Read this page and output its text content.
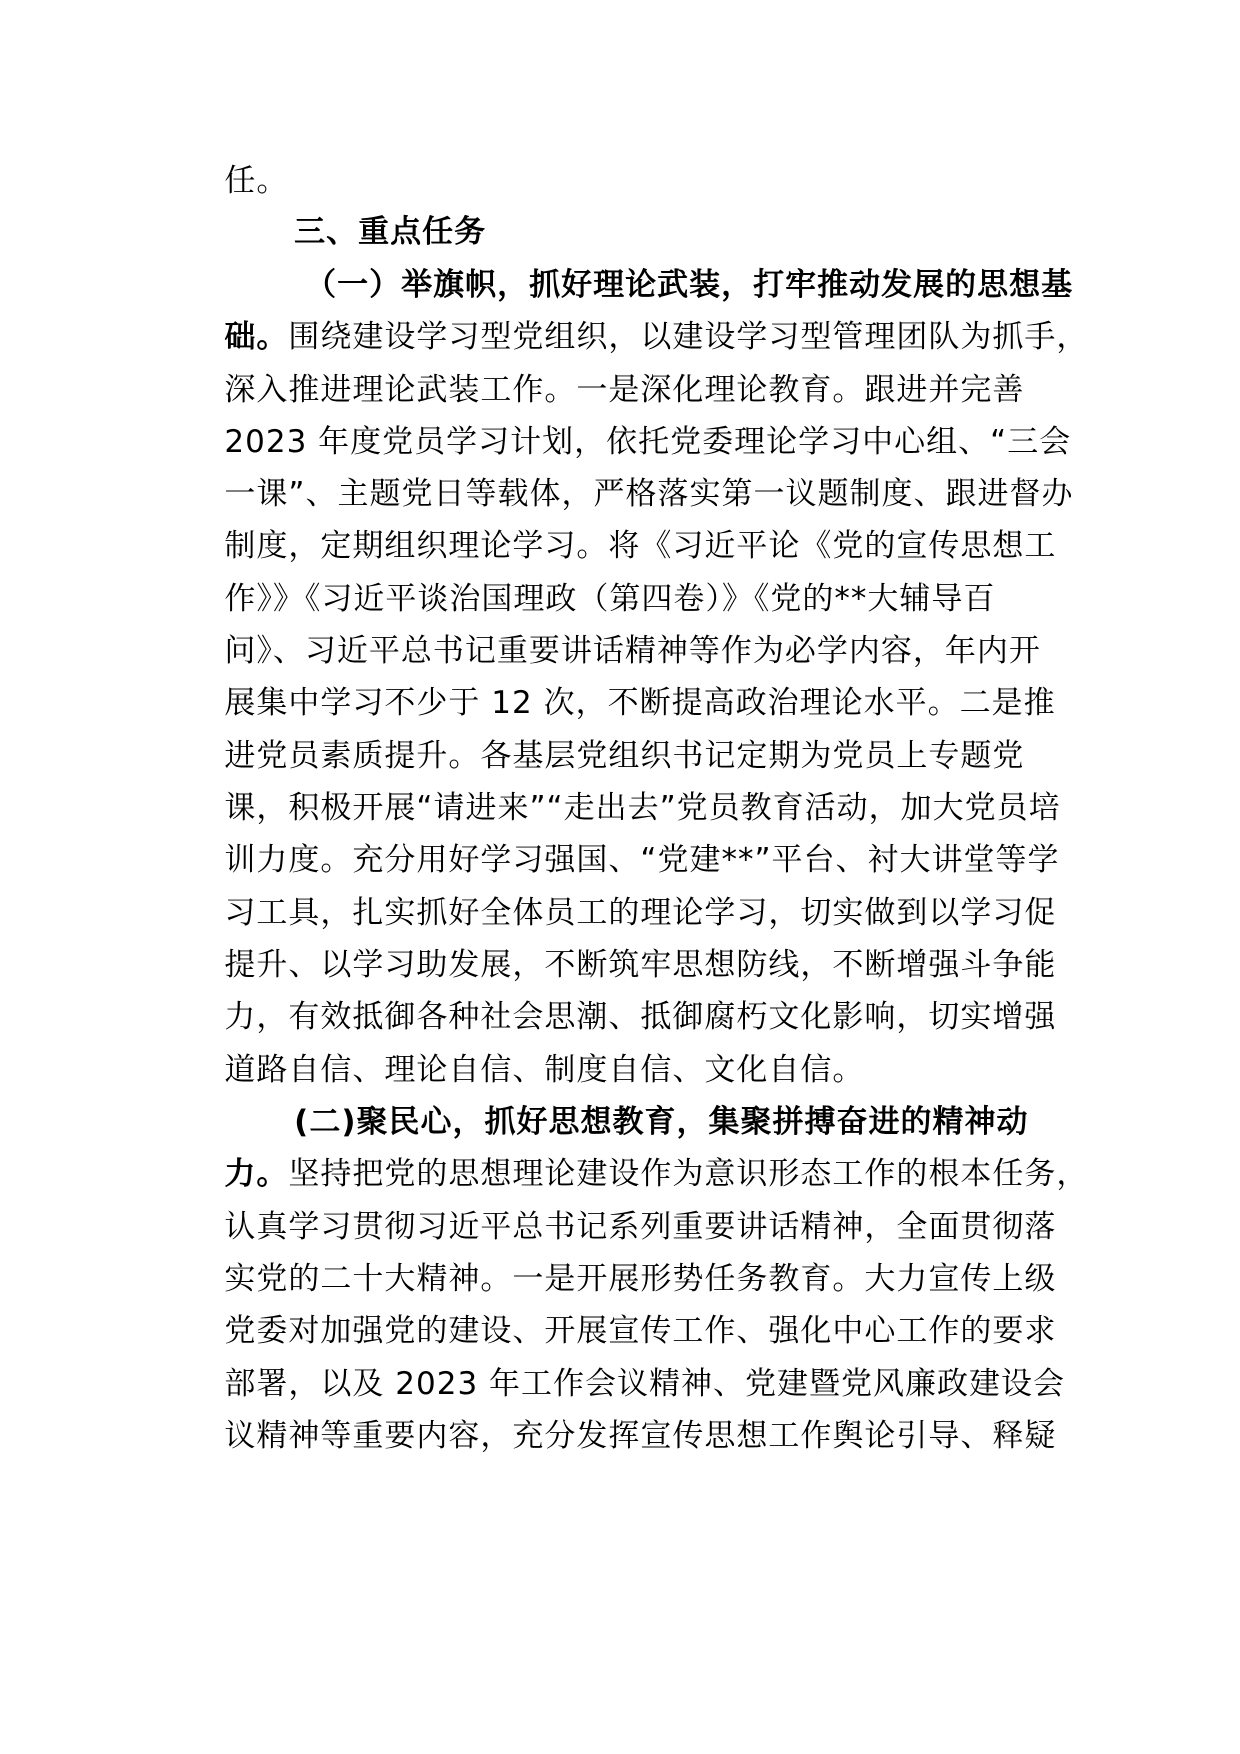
任。

三、重点任务

（一）举旗帜，抓好理论武装，打牢推动发展的思想基

础。围绕建设学习型党组织，以建设学习型管理团队为抓手，

深入推进理论武装工作。一是深化理论教育。跟进并完善

2023 年度党员学习计划，依托党委理论学习中心组、“三会

一课”、主题党日等载体，严格落实第一议题制度、跟进督办

制度，定期组织理论学习。将《习近平论《党的宣传思想工

作》》《习近平谈治国理政（第四卷）》《党的**大辅导百

问》、习近平总书记重要讲话精神等作为必学内容，年内开

展集中学习不少于 12 次，不断提高政治理论水平。二是推

进党员素质提升。各基层党组织书记定期为党员上专题党

课，积极开展“请进来”“走出去”党员教育活动，加大党员培

训力度。充分用好学习强国、“党建**”平台、衬大讲堂等学

习工具，扎实抓好全体员工的理论学习，切实做到以学习促

提升、以学习助发展，不断筑牢思想防线，不断增强斗争能

力，有效抵御各种社会思潮、抵御腐朽文化影响，切实增强

道路自信、理论自信、制度自信、文化自信。

(二)聚民心，抓好思想教育，集聚拼搏奋进的精神动

力。坚持把党的思想理论建设作为意识形态工作的根本任务，

认真学习贯彻习近平总书记系列重要讲话精神，全面贯彻落

实党的二十大精神。一是开展形势任务教育。大力宣传上级

党委对加强党的建设、开展宣传工作、强化中心工作的要求

部署，以及 2023 年工作会议精神、党建暨党风廉政建设会

议精神等重要内容，充分发挥宣传思想工作舆论引导、释疑
